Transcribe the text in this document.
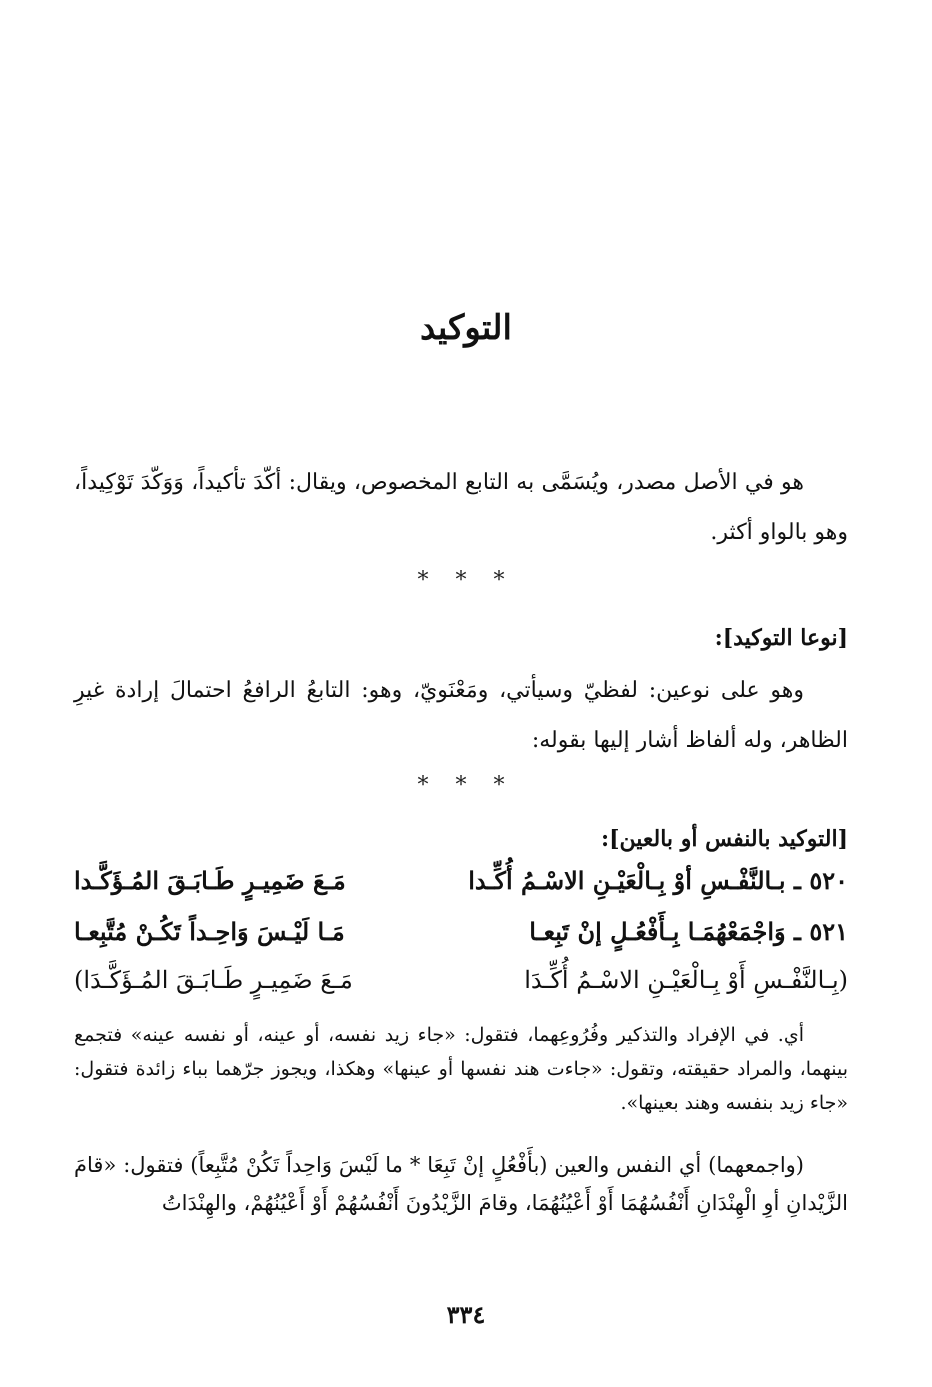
التوكيد

هو في الأصل مصدر، ويُسَمَّى به التابع المخصوص، ويقال: أكّدَ تأكيداً، وَوَكّدَ تَوْكِيداً، وهو بالواو أكثر.

* * *
[نوعا التوكيد]:

وهو على نوعين: لفظيّ وسيأتي، ومَعْنَويّ، وهو: التابعُ الرافعُ احتمالَ إرادة غيرِ الظاهر، وله ألفاظ أشار إليها بقوله:

* * *
[التوكيد بالنفس أو بالعين]:
٥٢٠ ـ بـالنَّفْـسِ أوْ بِـالْعَيْـنِ الاسْـمُ أُكِّـدا
مَـعَ ضَمِيـرٍ طَـابَـقَ المُـؤَكَّـدا
٥٢١ ـ وَاجْمَعْهُمَـا بِـأَفْعُـلٍ إنْ تَبِعـا
مَـا لَيْـسَ وَاحِـداً تَكُـنْ مُتَّبِعـا
(بِـالنَّفْـسِ أَوْ بِـالْعَيْـنِ الاسْـمُ أُكِّـدَا
مَـعَ ضَمِيـرٍ طَـابَـقَ المُـؤَكَّـدَا)

أي. في الإفراد والتذكير وفُرُوعِهما، فتقول: «جاء زيد نفسه، أو عينه، أو نفسه عينه» فتجمع بينهما، والمراد حقيقته، وتقول: «جاءت هند نفسها أو عينها» وهكذا، ويجوز جرّهما بباء زائدة فتقول: «جاء زيد بنفسه وهند بعينها».

(واجمعهما) أي النفس والعين (بأَفْعُلٍ إنْ تَبِعَا * ما لَيْسَ وَاحِداً تَكُنْ مُتَّبِعاً) فتقول: «قامَ الزَّيْدانِ أوِ الْهِنْدَانِ أَنْفُسُهُمَا أَوْ أَعْيُنُهُمَا، وقامَ الزَّيْدُونَ أَنْفُسُهُمْ أَوْ أَعْيُنُهُمْ، والهِنْدَاتُ

٣٣٤
